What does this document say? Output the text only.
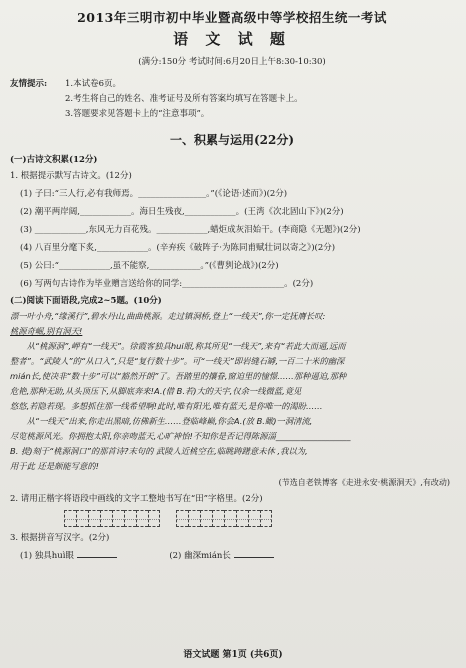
2013年三明市初中毕业暨高级中等学校招生统一考试
语 文 试 题
(满分:150分 考试时间:6月20日上午8:30-10:30)
友情提示:	1.本试卷6页。
2.考生将自己的姓名、准考证号及所有答案均填写在答题卡上。
3.答题要求见答题卡上的“注意事项”。
一、积累与运用(22分)
(一)古诗文积累(12分)
1. 根据提示默写古诗文。(12分)
(1) 子曰:“三人行,必有我师焉。________________。”(《论语·述而》)(2分)
(2) 潮平两岸阔,____________。海日生残夜,____________。(王湾《次北固山下》)(2分)
(3) ____________,东风无力百花残。____________,蜡炬成灰泪始干。(李商隐《无题》)(2分)
(4) 八百里分麾下炙,____________。(辛弃疾《破阵子·为陈同甫赋壮词以寄之》)(2分)
(5) 公曰:“____________,虽不能察,____________。”(《曹刿论战》)(2分)
(6) 写两句古诗作为毕业赠言送给你的同学:________________________。(2分)
(二)阅读下面语段,完成2~5题。(10分)

漂一叶小舟,“缘溪行”,碧水丹山,曲曲桃源。走过镇洞桥,登上“一线天”,你一定抚膺长叹:

桃源奇崛,别有洞天!

从“桃源洞”,岬有“一线天”。徐霞客独具hui眼,称其所见“一线天”,来有“若此大而逼,远而

整者”。“武陵人”的“从口入”,只是“复行数十步”。可“一线天”即岩缝石罅,一百二十米的幽深

mián长,使决非“数十步”可以“豁然开朗”了。吾踏里的攘眷,窗迫里的憧憬……那种逼迫,那种

危艳,那种无助,从头顶压下,从脚底奔来!A.(借 B.若)大的天宇,仅余一线微蓝,竟见

悠悠,若隐若现。多想抓住那一线希望啊!此时,唯有阳光,唯有蓝天,是你唯一的渴盼……

从“一线天”出来,你走出黑暗,仿佛新生……登临峰巅,你会A.(放 B.瞰)一洞清流,

尽览桃源风光。你拥抱太阳,你亲吻蓝天,心旷神怡!不知你是否记得陈源淄__________________

B. 提)刻于“桃源洞口”的那首诗?末句的 武陵人近桃空在,临眺踌躇意未休 ,我以为,

用于此 还是颇能写意的!

(节选自老铁博客《走进永安·桃源洞天》,有改动)
2. 请用正楷字将语段中画线的文字工整地书写在“田”字格里。(2分)
3. 根据拼音写汉字。(2分)
(1) 独具huì眼	(2) 幽深mián长
语文试题 第1页 (共6页)
